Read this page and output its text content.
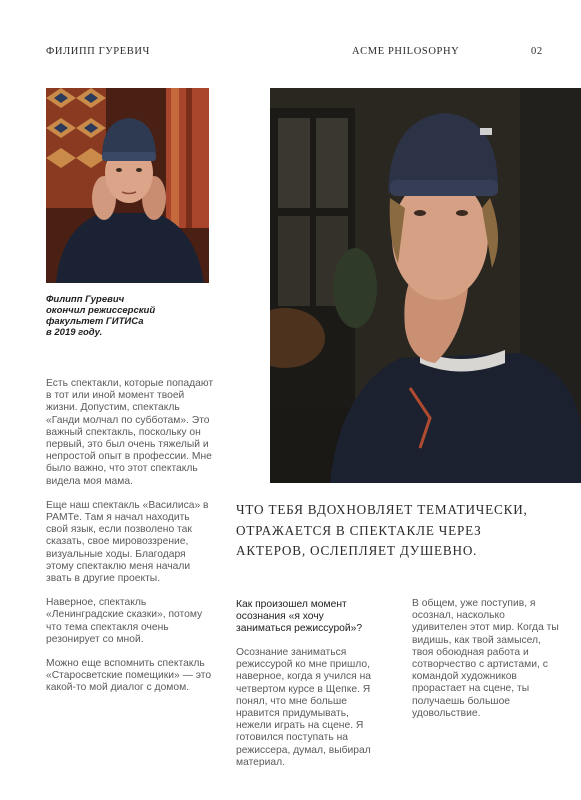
ФИЛИПП ГУРЕВИЧ	ACME PHILOSOPHY	02
Филипп Гуревич
окончил режиссерский
факультет ГИТИСа
в 2019 году.

Есть спектакли, которые попадают в тот или иной момент твоей жизни. Допустим, спектакль «Ганди молчал по субботам». Это важный спектакль, поскольку он первый, это был очень тяжелый и непростой опыт в профессии. Мне было важно, что этот спектакль видела моя мама.

Еще наш спектакль «Василиса» в РАМТе. Там я начал находить свой язык, если позволено так сказать, свое мировоззрение, визуальные ходы. Благодаря этому спектаклю меня начали звать в другие проекты.

Наверное, спектакль «Ленинградские сказки», потому что тема спектакля очень резонирует со мной.

Можно еще вспомнить спектакль «Старосветские помещики» — это какой-то мой диалог с домом.

ЧТО ТЕБЯ ВДОХНОВЛЯЕТ ТЕМАТИЧЕСКИ, ОТРАЖАЕТСЯ В СПЕКТАКЛЕ ЧЕРЕЗ АКТЕРОВ, ОСЛЕПЛЯЕТ ДУШЕВНО.
Как произошел момент осознания «я хочу заниматься режиссурой»?
Осознание заниматься режиссурой ко мне пришло, наверное, когда я учился на четвертом курсе в Щепке. Я понял, что мне больше нравится придумывать, нежели играть на сцене. Я готовился поступать на режиссера, думал, выбирал материал.
В общем, уже поступив, я осознал, насколько удивителен этот мир. Когда ты видишь, как твой замысел, твоя обоюдная работа и сотворчество с артистами, с командой художников прорастает на сцене, ты получаешь большое удовольствие.
